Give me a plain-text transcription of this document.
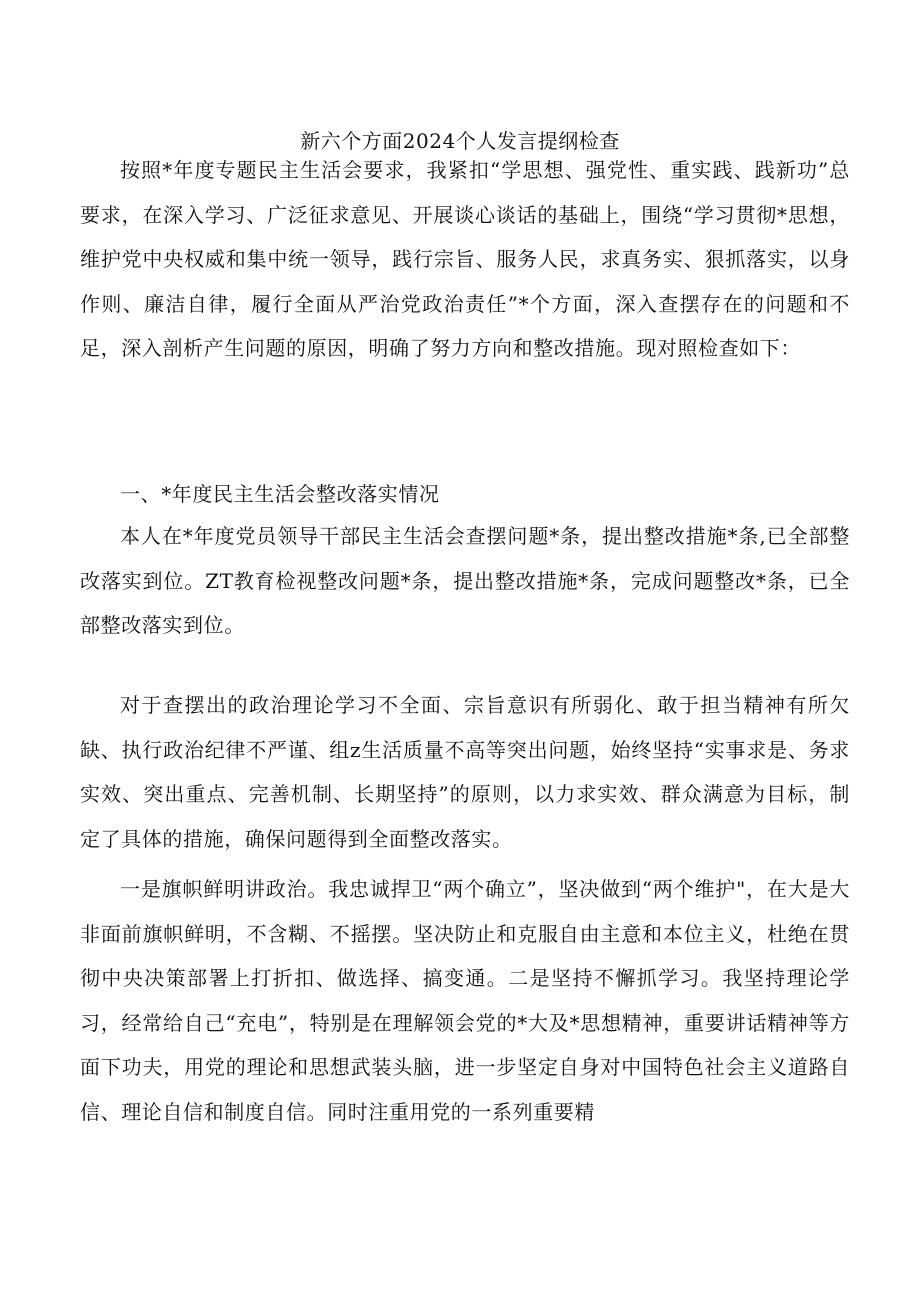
新六个方面2024个人发言提纲检查

按照*年度专题民主生活会要求，我紧扣“学思想、强党性、重实践、践新功”总要求，在深入学习、广泛征求意见、开展谈心谈话的基础上，围绕“学习贯彻*思想，维护党中央权威和集中统一领导，践行宗旨、服务人民，求真务实、狠抓落实，以身作则、廉洁自律，履行全面从严治党政治责任”*个方面，深入查摆存在的问题和不足，深入剖析产生问题的原因，明确了努力方向和整改措施。现对照检查如下：

一、*年度民主生活会整改落实情况

本人在*年度党员领导干部民主生活会查摆问题*条，提出整改措施*条,已全部整改落实到位。ZT教育检视整改问题*条，提出整改措施*条，完成问题整改*条，已全部整改落实到位。

对于查摆出的政治理论学习不全面、宗旨意识有所弱化、敢于担当精神有所欠缺、执行政治纪律不严谨、组z生活质量不高等突出问题，始终坚持“实事求是、务求实效、突出重点、完善机制、长期坚持”的原则，以力求实效、群众满意为目标，制定了具体的措施，确保问题得到全面整改落实。

一是旗帜鲜明讲政治。我忠诚捍卫“两个确立”，坚决做到“两个维护"，在大是大非面前旗帜鲜明，不含糊、不摇摆。坚决防止和克服自由主意和本位主义，杜绝在贯彻中央决策部署上打折扣、做选择、搞变通。二是坚持不懈抓学习。我坚持理论学习，经常给自己“充电”，特别是在理解领会党的*大及*思想精神，重要讲话精神等方面下功夫，用党的理论和思想武装头脑，进一步坚定自身对中国特色社会主义道路自信、理论自信和制度自信。同时注重用党的一系列重要精
